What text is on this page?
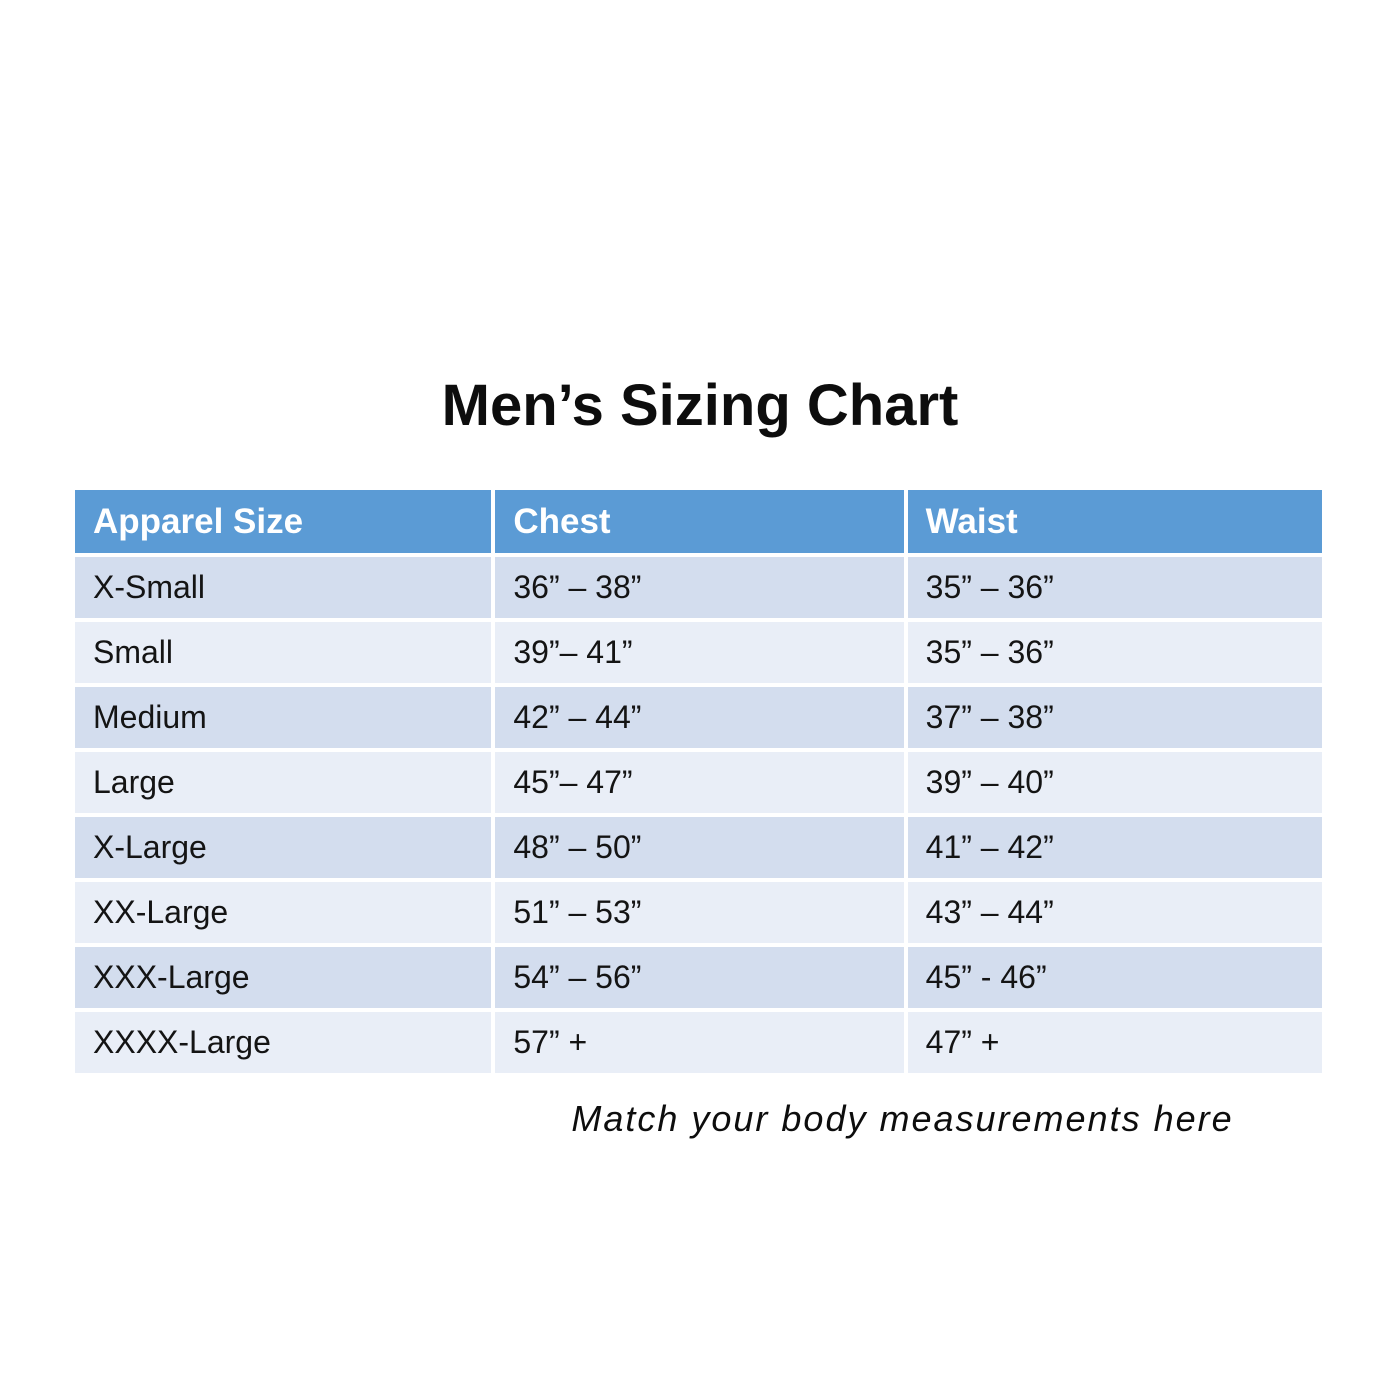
Men’s Sizing Chart
Apparel Size	Chest	Waist
X-Small	36” – 38”	35” – 36”
Small	39”– 41”	35” – 36”
Medium	42” – 44”	37” – 38”
Large	45”– 47”	39” – 40”
X-Large	48” – 50”	41” – 42”
XX-Large	51” – 53”	43” – 44”
XXX-Large	54” – 56”	45” - 46”
XXXX-Large	57” +	47” +
Match your body measurements here
